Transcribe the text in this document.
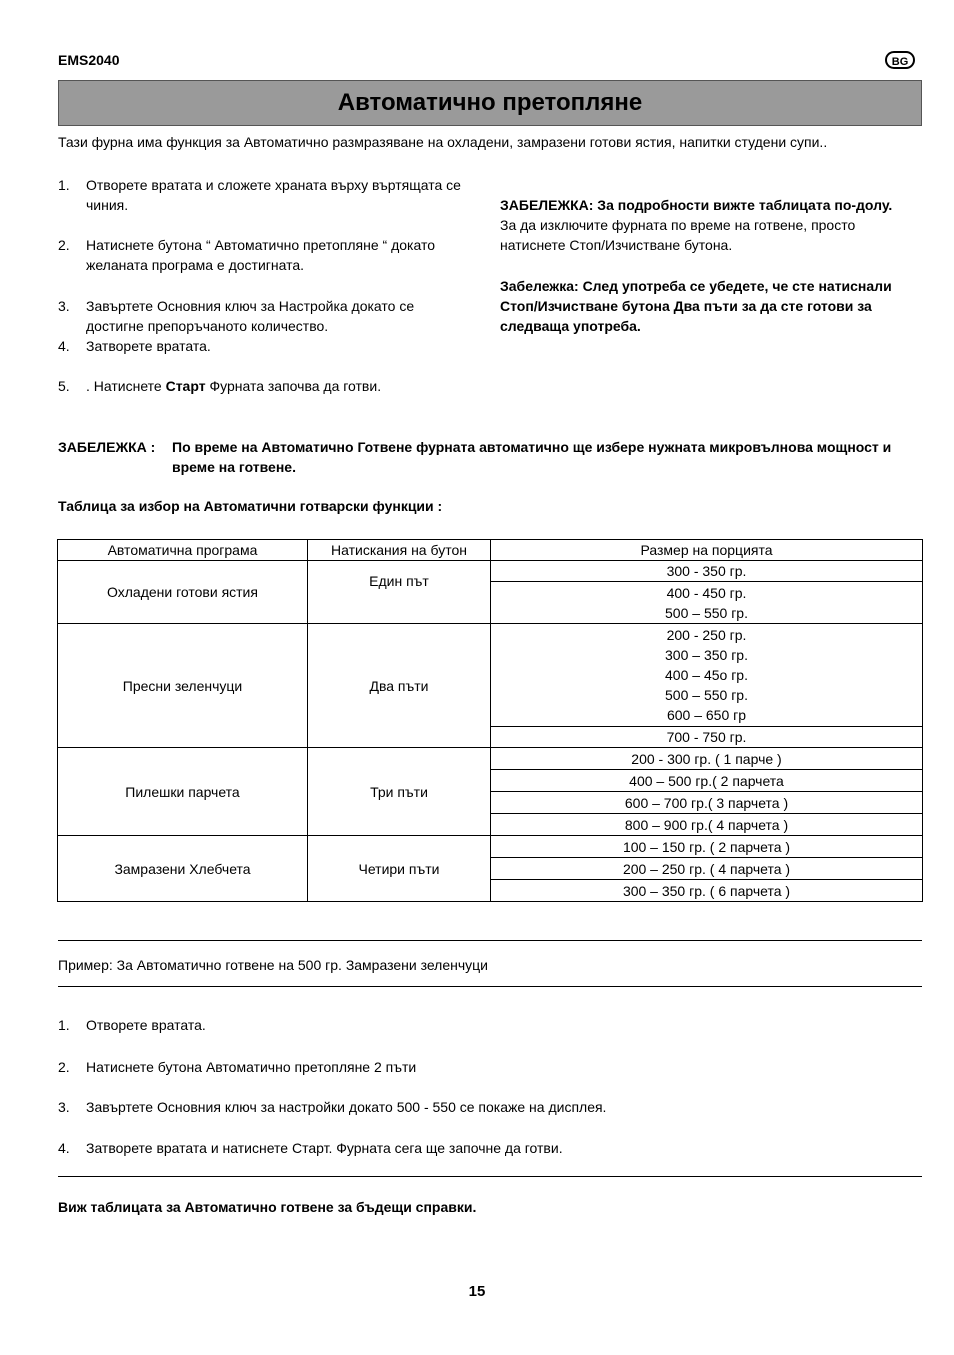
EMS2040	BG
Автоматично претопляне
Тази фурна има функция за Автоматично размразяване на охладени, замразени готови ястия, напитки студени супи..
1. Отворете вратата и сложете храната върху въртящата се чиния.
2. Натиснете бутона “ Автоматично претопляне “ докато желаната програма е достигната.
3. Завъртете Основния ключ за Настройка докато се достигне препоръчаното количество.
4. Затворете вратата.
5. . Натиснете Старт Фурната започва да готви.
ЗАБЕЛЕЖКА: За подробности вижте таблицата по-долу.
За да изключите фурната по време на готвене, просто натиснете Стоп/Изчистване бутона.
Забележка: След употреба се убедете, че сте натиснали Стоп/Изчистване бутона Два пъти за да сте готови за следваща употреба.
ЗАБЕЛЕЖКА : По време на Автоматично Готвене фурната автоматично ще избере нужната микровълнова мощност и време на готвене.
Таблица за избор на Автоматични готварски функции :
Автоматична програма	Натискания на бутон	Размер на порцията
Охладени готови ястия	Един път	300 - 350 гр.

		400 - 450 гр.
500 – 550 гр.

Пресни зеленчуци	Два пъти	200 - 250 гр.
300 – 350 гр.
400 – 45о гр.
500 – 550 гр.
600 – 650 гр

		700 - 750 гр.
Пилешки парчета	Три пъти	200 - 300 гр. ( 1 парче )
		400 – 500 гр.( 2 парчета
		600 – 700 гр.( 3 парчета )
		800 – 900 гр.( 4 парчета )
Замразени Хлебчета	Четири пъти	100 – 150 гр. ( 2 парчета )
		200 – 250 гр. ( 4 парчета )
		300 – 350 гр. ( 6 парчета )
Пример: За Автоматично готвене на 500 гр. Замразени зеленчуци
1. Отворете вратата.
2. Натиснете бутона Автоматично претопляне 2 пъти
3. Завъртете Основния ключ за настройки докато 500 - 550 се покаже на дисплея.
4. Затворете вратата и натиснете Старт. Фурната сега ще започне да готви.
Виж таблицата за Автоматично готвене за бъдещи справки.
15
